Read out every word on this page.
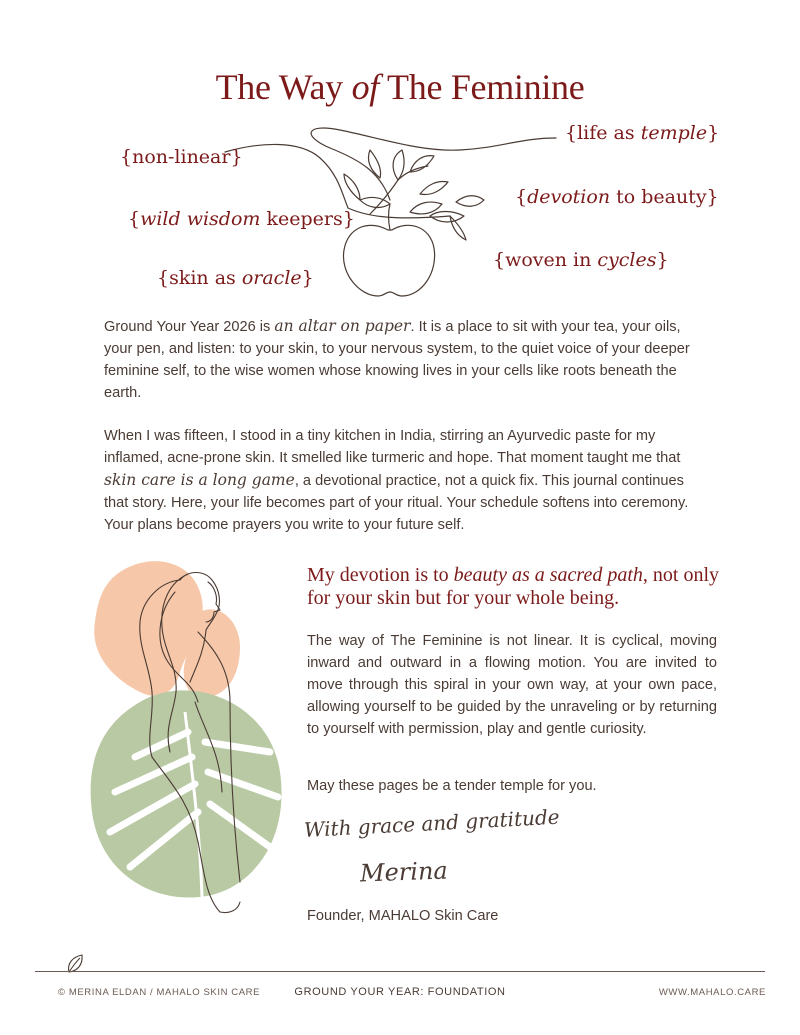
The Way of The Feminine
{non-linear}
{life as temple}
{wild wisdom keepers}
{devotion to beauty}
{woven in cycles}
{skin as oracle}
Ground Your Year 2026 is an altar on paper. It is a place to sit with your tea, your oils, your pen, and listen: to your skin, to your nervous system, to the quiet voice of your deeper feminine self, to the wise women whose knowing lives in your cells like roots beneath the earth.
When I was fifteen, I stood in a tiny kitchen in India, stirring an Ayurvedic paste for my inflamed, acne-prone skin. It smelled like turmeric and hope. That moment taught me that skin care is a long game, a devotional practice, not a quick fix. This journal continues that story. Here, your life becomes part of your ritual. Your schedule softens into ceremony. Your plans become prayers you write to your future self.
My devotion is to beauty as a sacred path, not only for your skin but for your whole being.
The way of The Feminine is not linear. It is cyclical, moving inward and outward in a flowing motion. You are invited to move through this spiral in your own way, at your own pace, allowing yourself to be guided by the unraveling or by returning to yourself with permission, play and gentle curiosity.
May these pages be a tender temple for you.
With grace and gratitude
Merina
Founder, MAHALO Skin Care
© MERINA ELDAN / MAHALO SKIN CARE	GROUND YOUR YEAR: FOUNDATION	WWW.MAHALO.CARE
